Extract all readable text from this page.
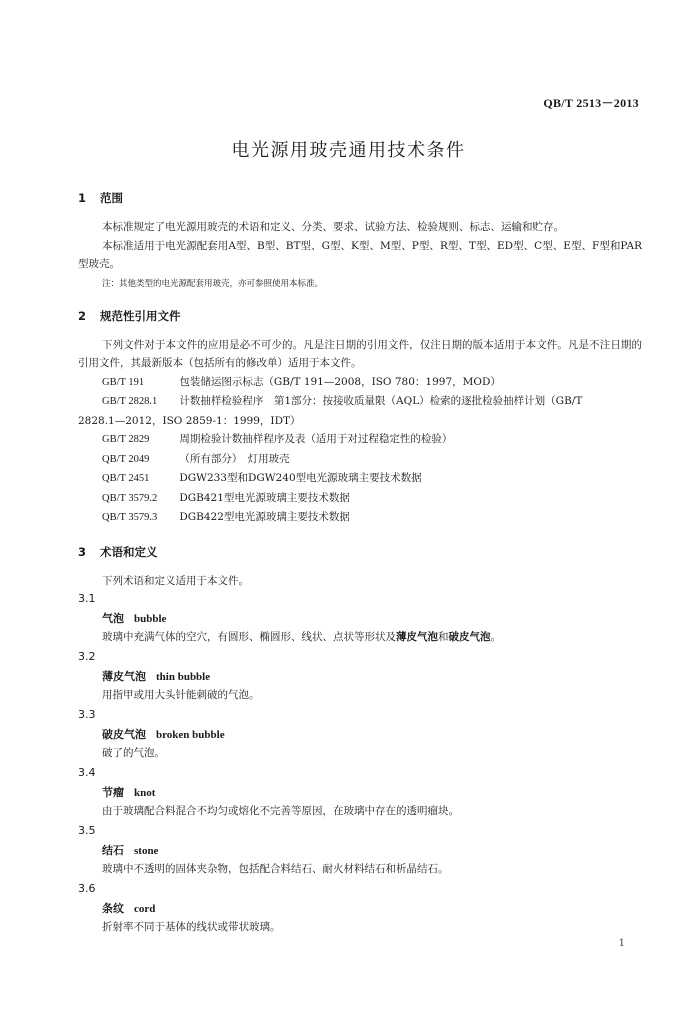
QB/T 2513－2013
电光源用玻壳通用技术条件
1 范围
本标准规定了电光源用玻壳的术语和定义、分类、要求、试验方法、检验规则、标志、运输和贮存。
本标准适用于电光源配套用A型、B型、BT型、G型、K型、M型、P型、R型、T型、ED型、C型、E型、F型和PAR型玻壳。
注：其他类型的电光源配套用玻壳，亦可参照使用本标准。
2 规范性引用文件
下列文件对于本文件的应用是必不可少的。凡是注日期的引用文件，仅注日期的版本适用于本文件。凡是不注日期的引用文件，其最新版本（包括所有的修改单）适用于本文件。
GB/T 191	包装储运图示标志（GB/T 191—2008，ISO 780：1997，MOD）
GB/T 2828.1 计数抽样检验程序　第1部分：按接收质量限（AQL）检索的逐批检验抽样计划（GB/T
2828.1—2012，ISO 2859-1：1999，IDT）
GB/T 2829	周期检验计数抽样程序及表（适用于对过程稳定性的检验）
QB/T 2049	（所有部分）　灯用玻壳
QB/T 2451	DGW233型和DGW240型电光源玻璃主要技术数据
QB/T 3579.2 DGB421型电光源玻璃主要技术数据
QB/T 3579.3 DGB422型电光源玻璃主要技术数据
3 术语和定义
下列术语和定义适用于本文件。
3.1
气泡 bubble
玻璃中充满气体的空穴，有圆形、椭圆形、线状、点状等形状及薄皮气泡和破皮气泡。
3.2
薄皮气泡 thin bubble
用指甲或用大头针能刺破的气泡。
3.3
破皮气泡 broken bubble
破了的气泡。
3.4
节瘤 knot
由于玻璃配合料混合不均匀或熔化不完善等原因，在玻璃中存在的透明瘤块。
3.5
结石 stone
玻璃中不透明的固体夹杂物，包括配合料结石、耐火材料结石和析晶结石。
3.6
条纹 cord
折射率不同于基体的线状或带状玻璃。
1
